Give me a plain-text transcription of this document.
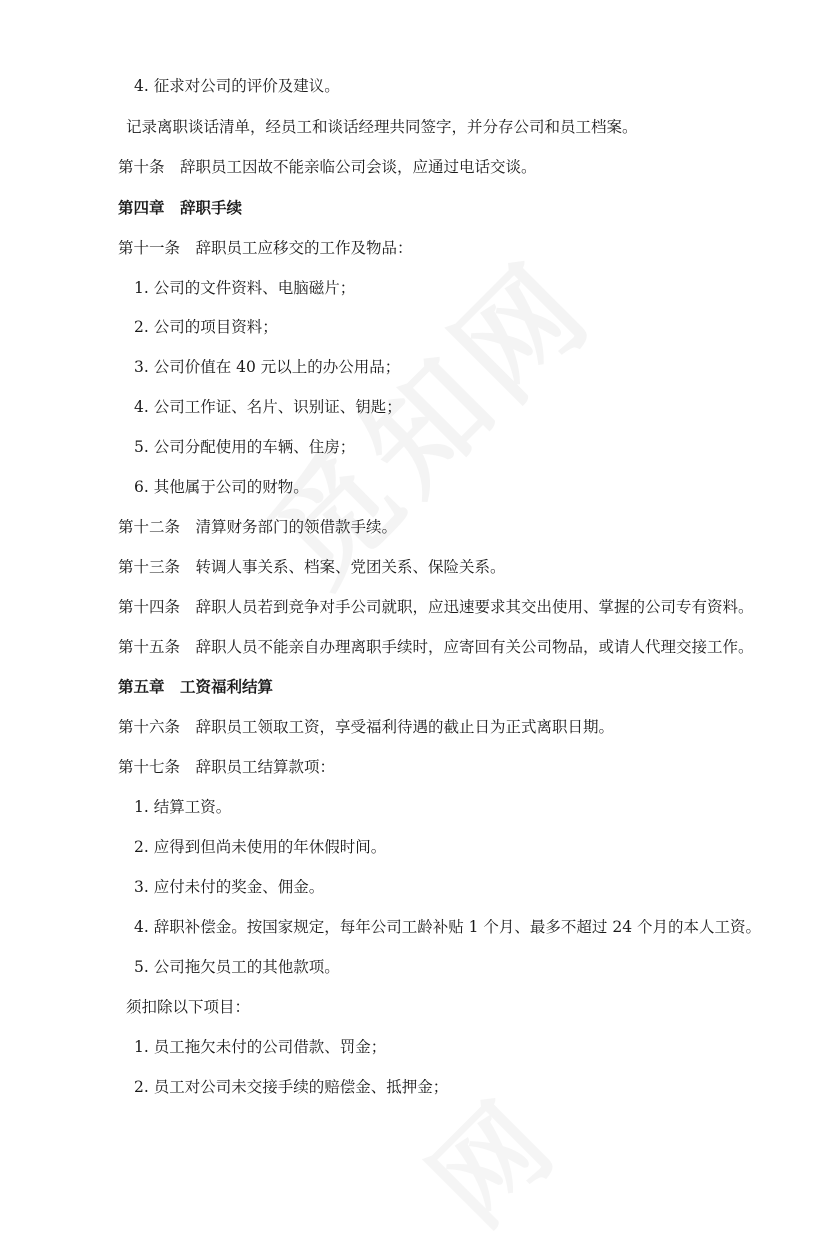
4. 征求对公司的评价及建议。
记录离职谈话清单，经员工和谈话经理共同签字，并分存公司和员工档案。
第十条　辞职员工因故不能亲临公司会谈，应通过电话交谈。
第四章　辞职手续
第十一条　辞职员工应移交的工作及物品：
1. 公司的文件资料、电脑磁片；
2. 公司的项目资料；
3. 公司价值在 40 元以上的办公用品；
4. 公司工作证、名片、识别证、钥匙；
5. 公司分配使用的车辆、住房；
6. 其他属于公司的财物。
第十二条　清算财务部门的领借款手续。
第十三条　转调人事关系、档案、党团关系、保险关系。
第十四条　辞职人员若到竞争对手公司就职，应迅速要求其交出使用、掌握的公司专有资料。
第十五条　辞职人员不能亲自办理离职手续时，应寄回有关公司物品，或请人代理交接工作。
第五章　工资福利结算
第十六条　辞职员工领取工资，享受福利待遇的截止日为正式离职日期。
第十七条　辞职员工结算款项：
1. 结算工资。
2. 应得到但尚未使用的年休假时间。
3. 应付未付的奖金、佣金。
4. 辞职补偿金。按国家规定，每年公司工龄补贴 1 个月、最多不超过 24 个月的本人工资。
5. 公司拖欠员工的其他款项。
须扣除以下项目：
1. 员工拖欠未付的公司借款、罚金；
2. 员工对公司未交接手续的赔偿金、抵押金；
